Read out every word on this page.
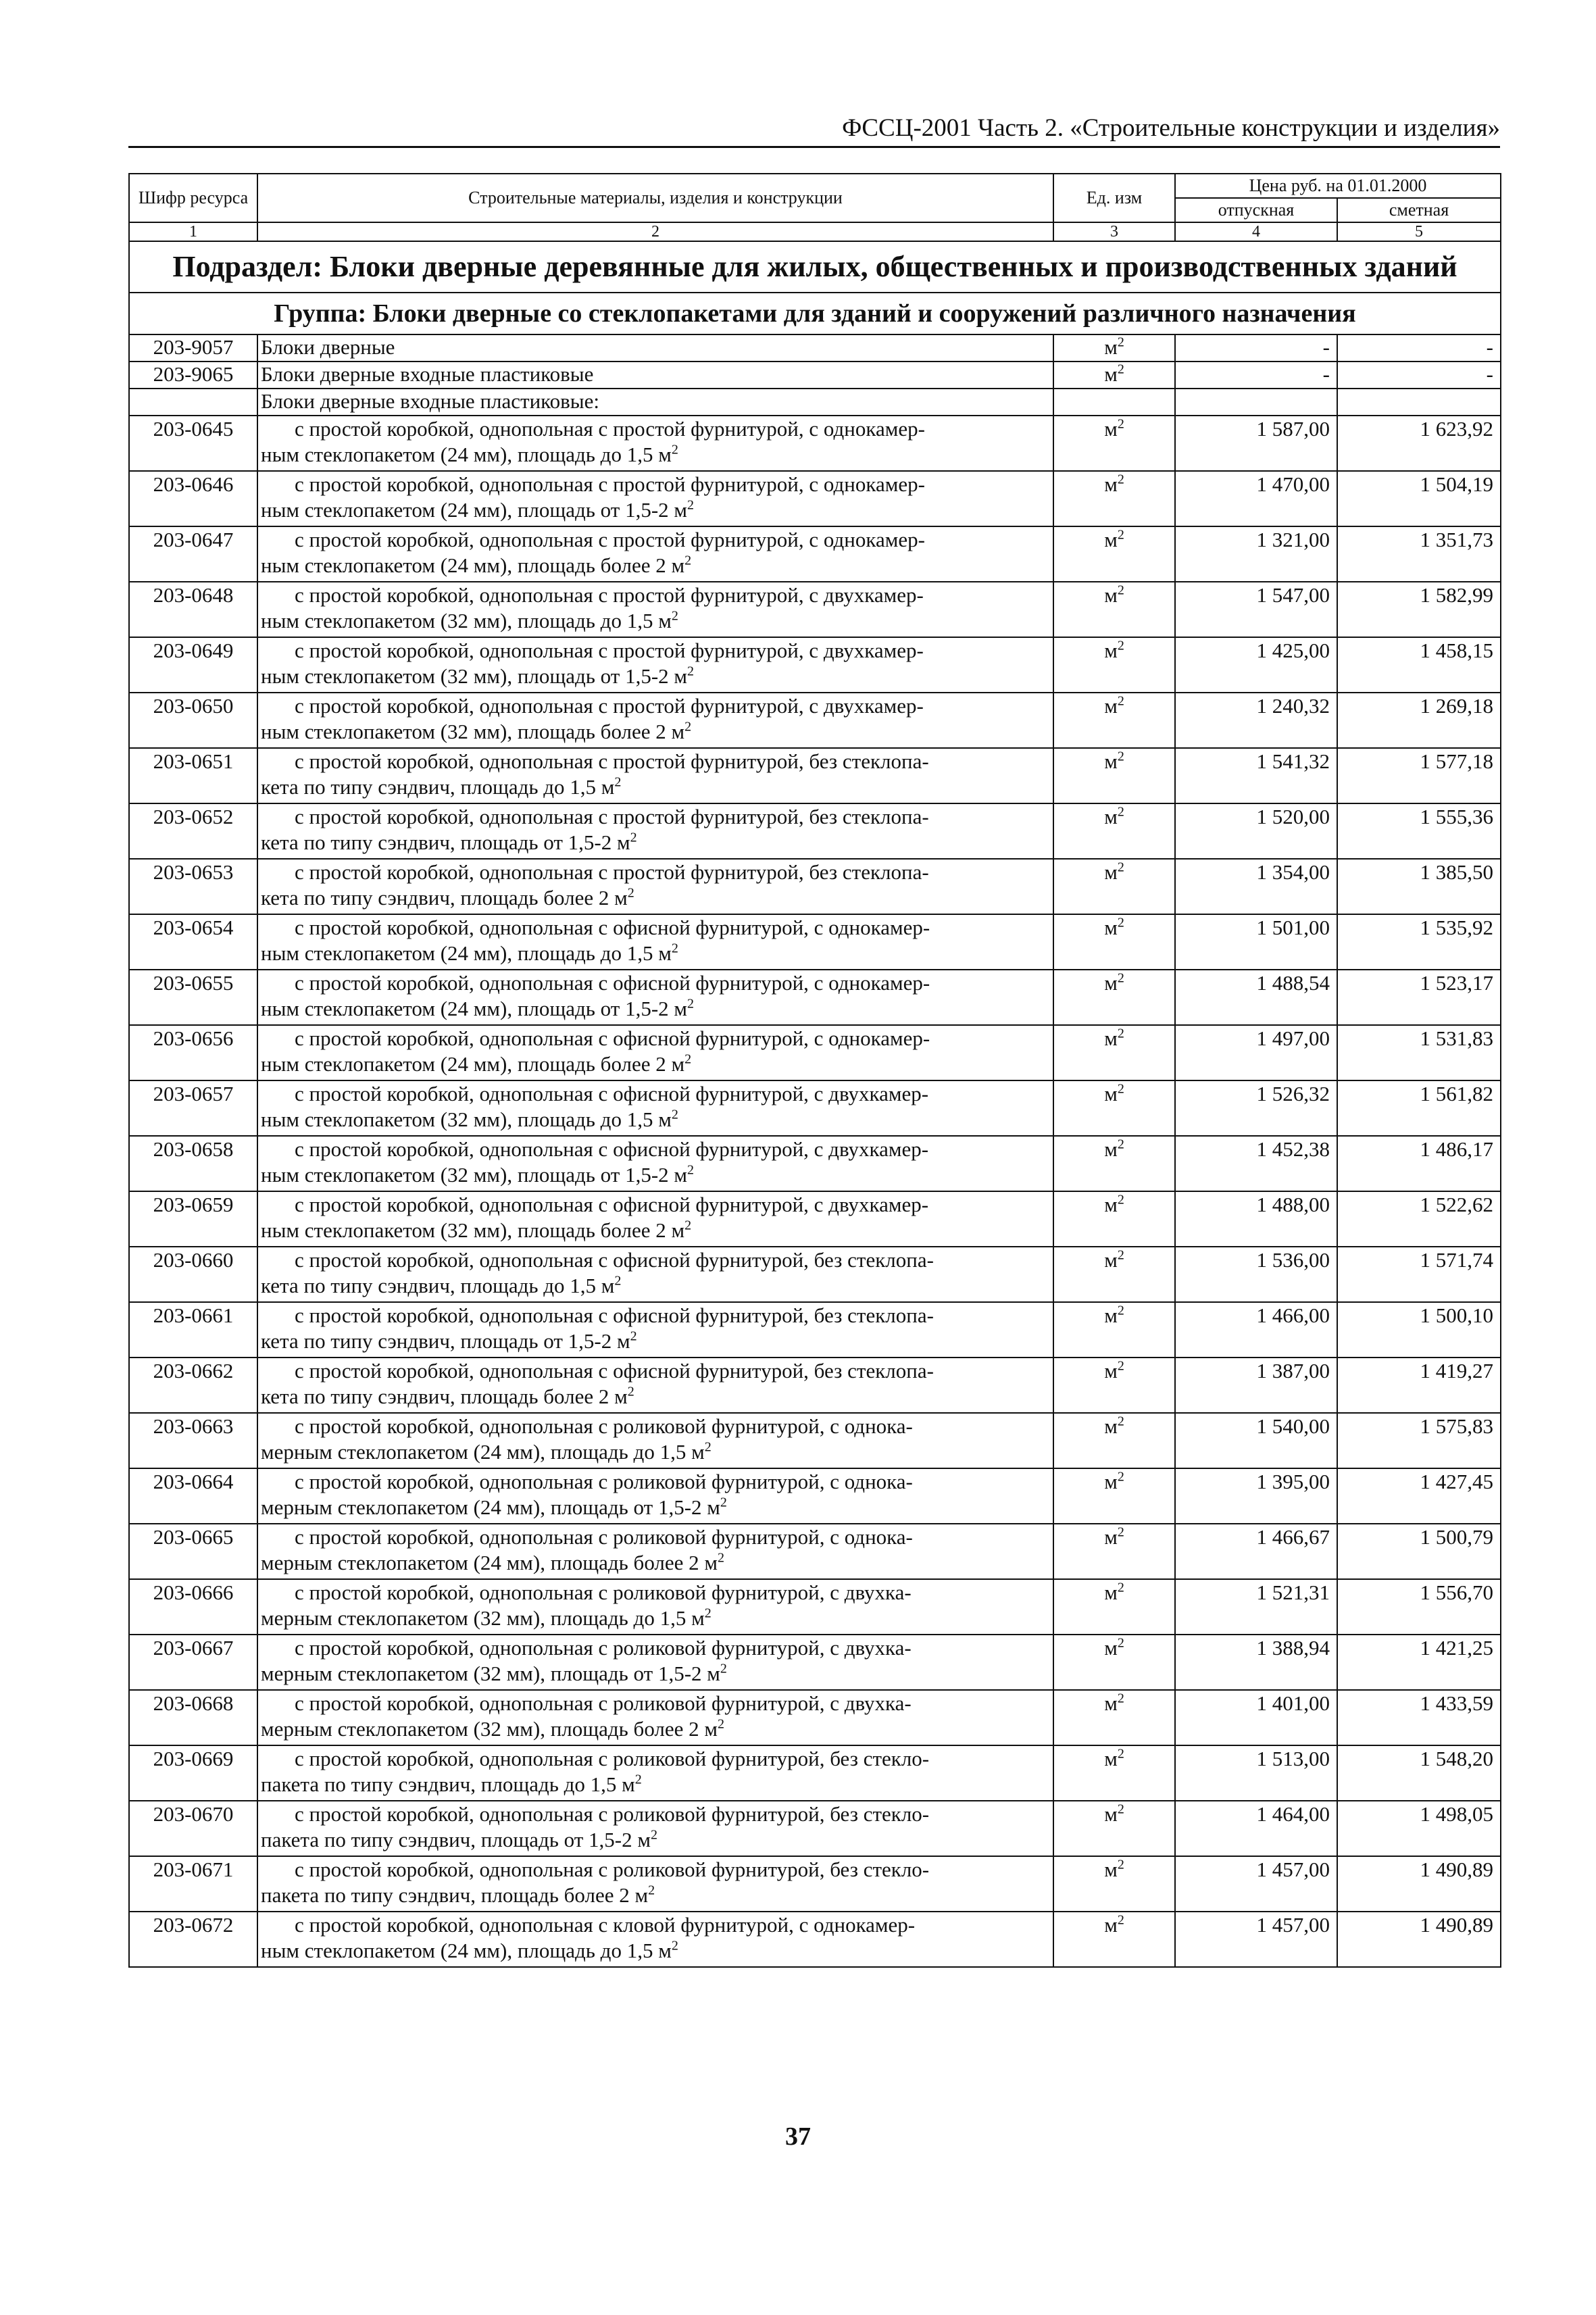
ФССЦ-2001 Часть 2. «Строительные конструкции и изделия»
Шифр ресурса	Строительные материалы, изделия и конструкции	Ед. изм	Цена руб. на 01.01.2000	
			отпускная	сметная
1	2	3	4	5
Подраздел: Блоки дверные деревянные для жилых, общественных и производственных зданий				
Группа: Блоки дверные со стеклопакетами для зданий и сооружений различного назначения				
203-9057	Блоки дверные	$м^2$	-	-
203-9065	Блоки дверные входные пластиковые	$м^2$	-	-
	Блоки дверные входные пластиковые:			
203-0645	с простой коробкой, однопольная с простой фурнитурой, с однокамер-
ным стеклопакетом (24 мм), площадь до 1,5 $м^2$	$м^2$	1 587,00	1 623,92
203-0646	с простой коробкой, однопольная с простой фурнитурой, с однокамер-
ным стеклопакетом (24 мм), площадь от 1,5-2 $м^2$	$м^2$	1 470,00	1 504,19
203-0647	с простой коробкой, однопольная с простой фурнитурой, с однокамер-
ным стеклопакетом (24 мм), площадь более 2 $м^2$	$м^2$	1 321,00	1 351,73
203-0648	с простой коробкой, однопольная с простой фурнитурой, с двухкамер-
ным стеклопакетом (32 мм), площадь до 1,5 $м^2$	$м^2$	1 547,00	1 582,99
203-0649	с простой коробкой, однопольная с простой фурнитурой, с двухкамер-
ным стеклопакетом (32 мм), площадь от 1,5-2 $м^2$	$м^2$	1 425,00	1 458,15
203-0650	с простой коробкой, однопольная с простой фурнитурой, с двухкамер-
ным стеклопакетом (32 мм), площадь более 2 $м^2$	$м^2$	1 240,32	1 269,18
203-0651	с простой коробкой, однопольная с простой фурнитурой, без стеклопа-
кета по типу сэндвич, площадь до 1,5 $м^2$	$м^2$	1 541,32	1 577,18
203-0652	с простой коробкой, однопольная с простой фурнитурой, без стеклопа-
кета по типу сэндвич, площадь от 1,5-2 $м^2$	$м^2$	1 520,00	1 555,36
203-0653	с простой коробкой, однопольная с простой фурнитурой, без стеклопа-
кета по типу сэндвич, площадь более 2 $м^2$	$м^2$	1 354,00	1 385,50
203-0654	с простой коробкой, однопольная с офисной фурнитурой, с однокамер-
ным стеклопакетом (24 мм), площадь до 1,5 $м^2$	$м^2$	1 501,00	1 535,92
203-0655	с простой коробкой, однопольная с офисной фурнитурой, с однокамер-
ным стеклопакетом (24 мм), площадь от 1,5-2 $м^2$	$м^2$	1 488,54	1 523,17
203-0656	с простой коробкой, однопольная с офисной фурнитурой, с однокамер-
ным стеклопакетом (24 мм), площадь более 2 $м^2$	$м^2$	1 497,00	1 531,83
203-0657	с простой коробкой, однопольная с офисной фурнитурой, с двухкамер-
ным стеклопакетом (32 мм), площадь до 1,5 $м^2$	$м^2$	1 526,32	1 561,82
203-0658	с простой коробкой, однопольная с офисной фурнитурой, с двухкамер-
ным стеклопакетом (32 мм), площадь от 1,5-2 $м^2$	$м^2$	1 452,38	1 486,17
203-0659	с простой коробкой, однопольная с офисной фурнитурой, с двухкамер-
ным стеклопакетом (32 мм), площадь более 2 $м^2$	$м^2$	1 488,00	1 522,62
203-0660	с простой коробкой, однопольная с офисной фурнитурой, без стеклопа-
кета по типу сэндвич, площадь до 1,5 $м^2$	$м^2$	1 536,00	1 571,74
203-0661	с простой коробкой, однопольная с офисной фурнитурой, без стеклопа-
кета по типу сэндвич, площадь от 1,5-2 $м^2$	$м^2$	1 466,00	1 500,10
203-0662	с простой коробкой, однопольная с офисной фурнитурой, без стеклопа-
кета по типу сэндвич, площадь более 2 $м^2$	$м^2$	1 387,00	1 419,27
203-0663	с простой коробкой, однопольная с роликовой фурнитурой, с однока-
мерным стеклопакетом (24 мм), площадь до 1,5 $м^2$	$м^2$	1 540,00	1 575,83
203-0664	с простой коробкой, однопольная с роликовой фурнитурой, с однока-
мерным стеклопакетом (24 мм), площадь от 1,5-2 $м^2$	$м^2$	1 395,00	1 427,45
203-0665	с простой коробкой, однопольная с роликовой фурнитурой, с однока-
мерным стеклопакетом (24 мм), площадь более 2 $м^2$	$м^2$	1 466,67	1 500,79
203-0666	с простой коробкой, однопольная с роликовой фурнитурой, с двухка-
мерным стеклопакетом (32 мм), площадь до 1,5 $м^2$	$м^2$	1 521,31	1 556,70
203-0667	с простой коробкой, однопольная с роликовой фурнитурой, с двухка-
мерным стеклопакетом (32 мм), площадь от 1,5-2 $м^2$	$м^2$	1 388,94	1 421,25
203-0668	с простой коробкой, однопольная с роликовой фурнитурой, с двухка-
мерным стеклопакетом (32 мм), площадь более 2 $м^2$	$м^2$	1 401,00	1 433,59
203-0669	с простой коробкой, однопольная с роликовой фурнитурой, без стекло-
пакета по типу сэндвич, площадь до 1,5 $м^2$	$м^2$	1 513,00	1 548,20
203-0670	с простой коробкой, однопольная с роликовой фурнитурой, без стекло-
пакета по типу сэндвич, площадь от 1,5-2 $м^2$	$м^2$	1 464,00	1 498,05
203-0671	с простой коробкой, однопольная с роликовой фурнитурой, без стекло-
пакета по типу сэндвич, площадь более 2 $м^2$	$м^2$	1 457,00	1 490,89
203-0672	с простой коробкой, однопольная с кловой фурнитурой, с однокамер-
ным стеклопакетом (24 мм), площадь до 1,5 $м^2$	$м^2$	1 457,00	1 490,89
37
